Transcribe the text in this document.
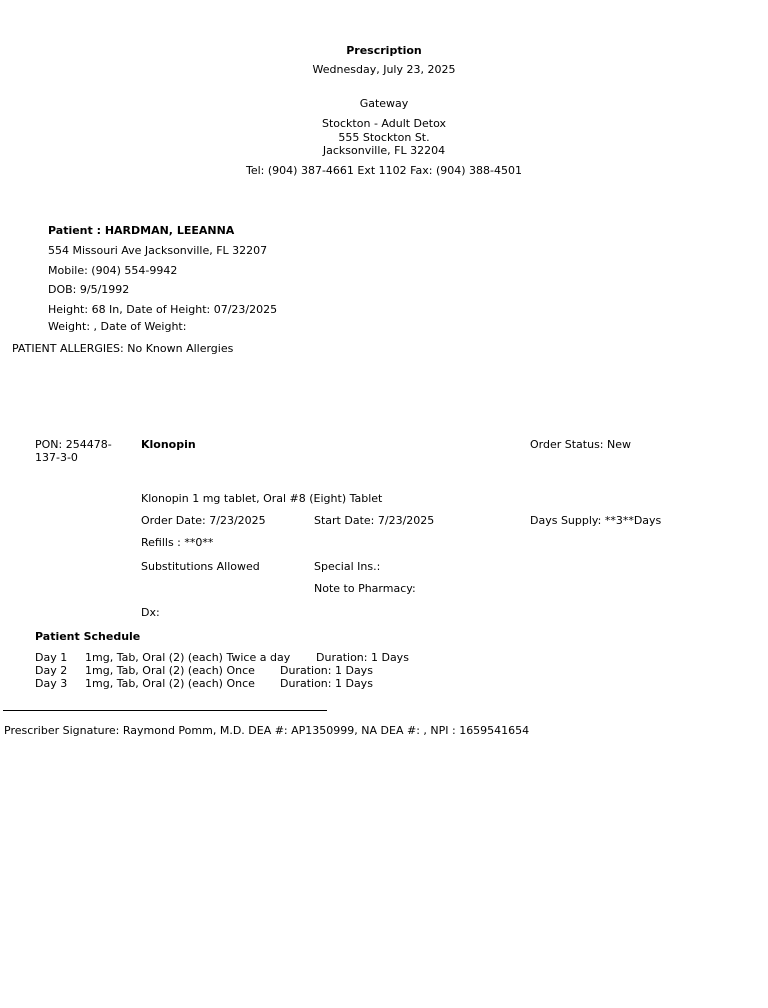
Prescription
Wednesday, July 23, 2025
Gateway
Stockton - Adult Detox
555 Stockton St.
Jacksonville, FL 32204
Tel: (904) 387-4661 Ext 1102 Fax: (904) 388-4501
Patient : HARDMAN, LEEANNA
554 Missouri Ave Jacksonville, FL 32207
Mobile: (904) 554-9942
DOB: 9/5/1992
Height: 68 In, Date of Height: 07/23/2025
Weight: , Date of Weight:
PATIENT ALLERGIES: No Known Allergies
PON: 254478-
137-3-0
Klonopin	Order Status: New
Klonopin 1 mg tablet, Oral #8 (Eight) Tablet
Order Date: 7/23/2025	Start Date: 7/23/2025	Days Supply: **3**Days
Refills : **0**
Substitutions Allowed	Special Ins.:
Note to Pharmacy:
Dx:
Patient Schedule
Day 1 1mg, Tab, Oral (2) (each) Twice a day Duration: 1 Days
Day 2 1mg, Tab, Oral (2) (each) Once Duration: 1 Days
Day 3 1mg, Tab, Oral (2) (each) Once Duration: 1 Days
Prescriber Signature: Raymond Pomm, M.D. DEA #: AP1350999, NA DEA #: , NPI : 1659541654
